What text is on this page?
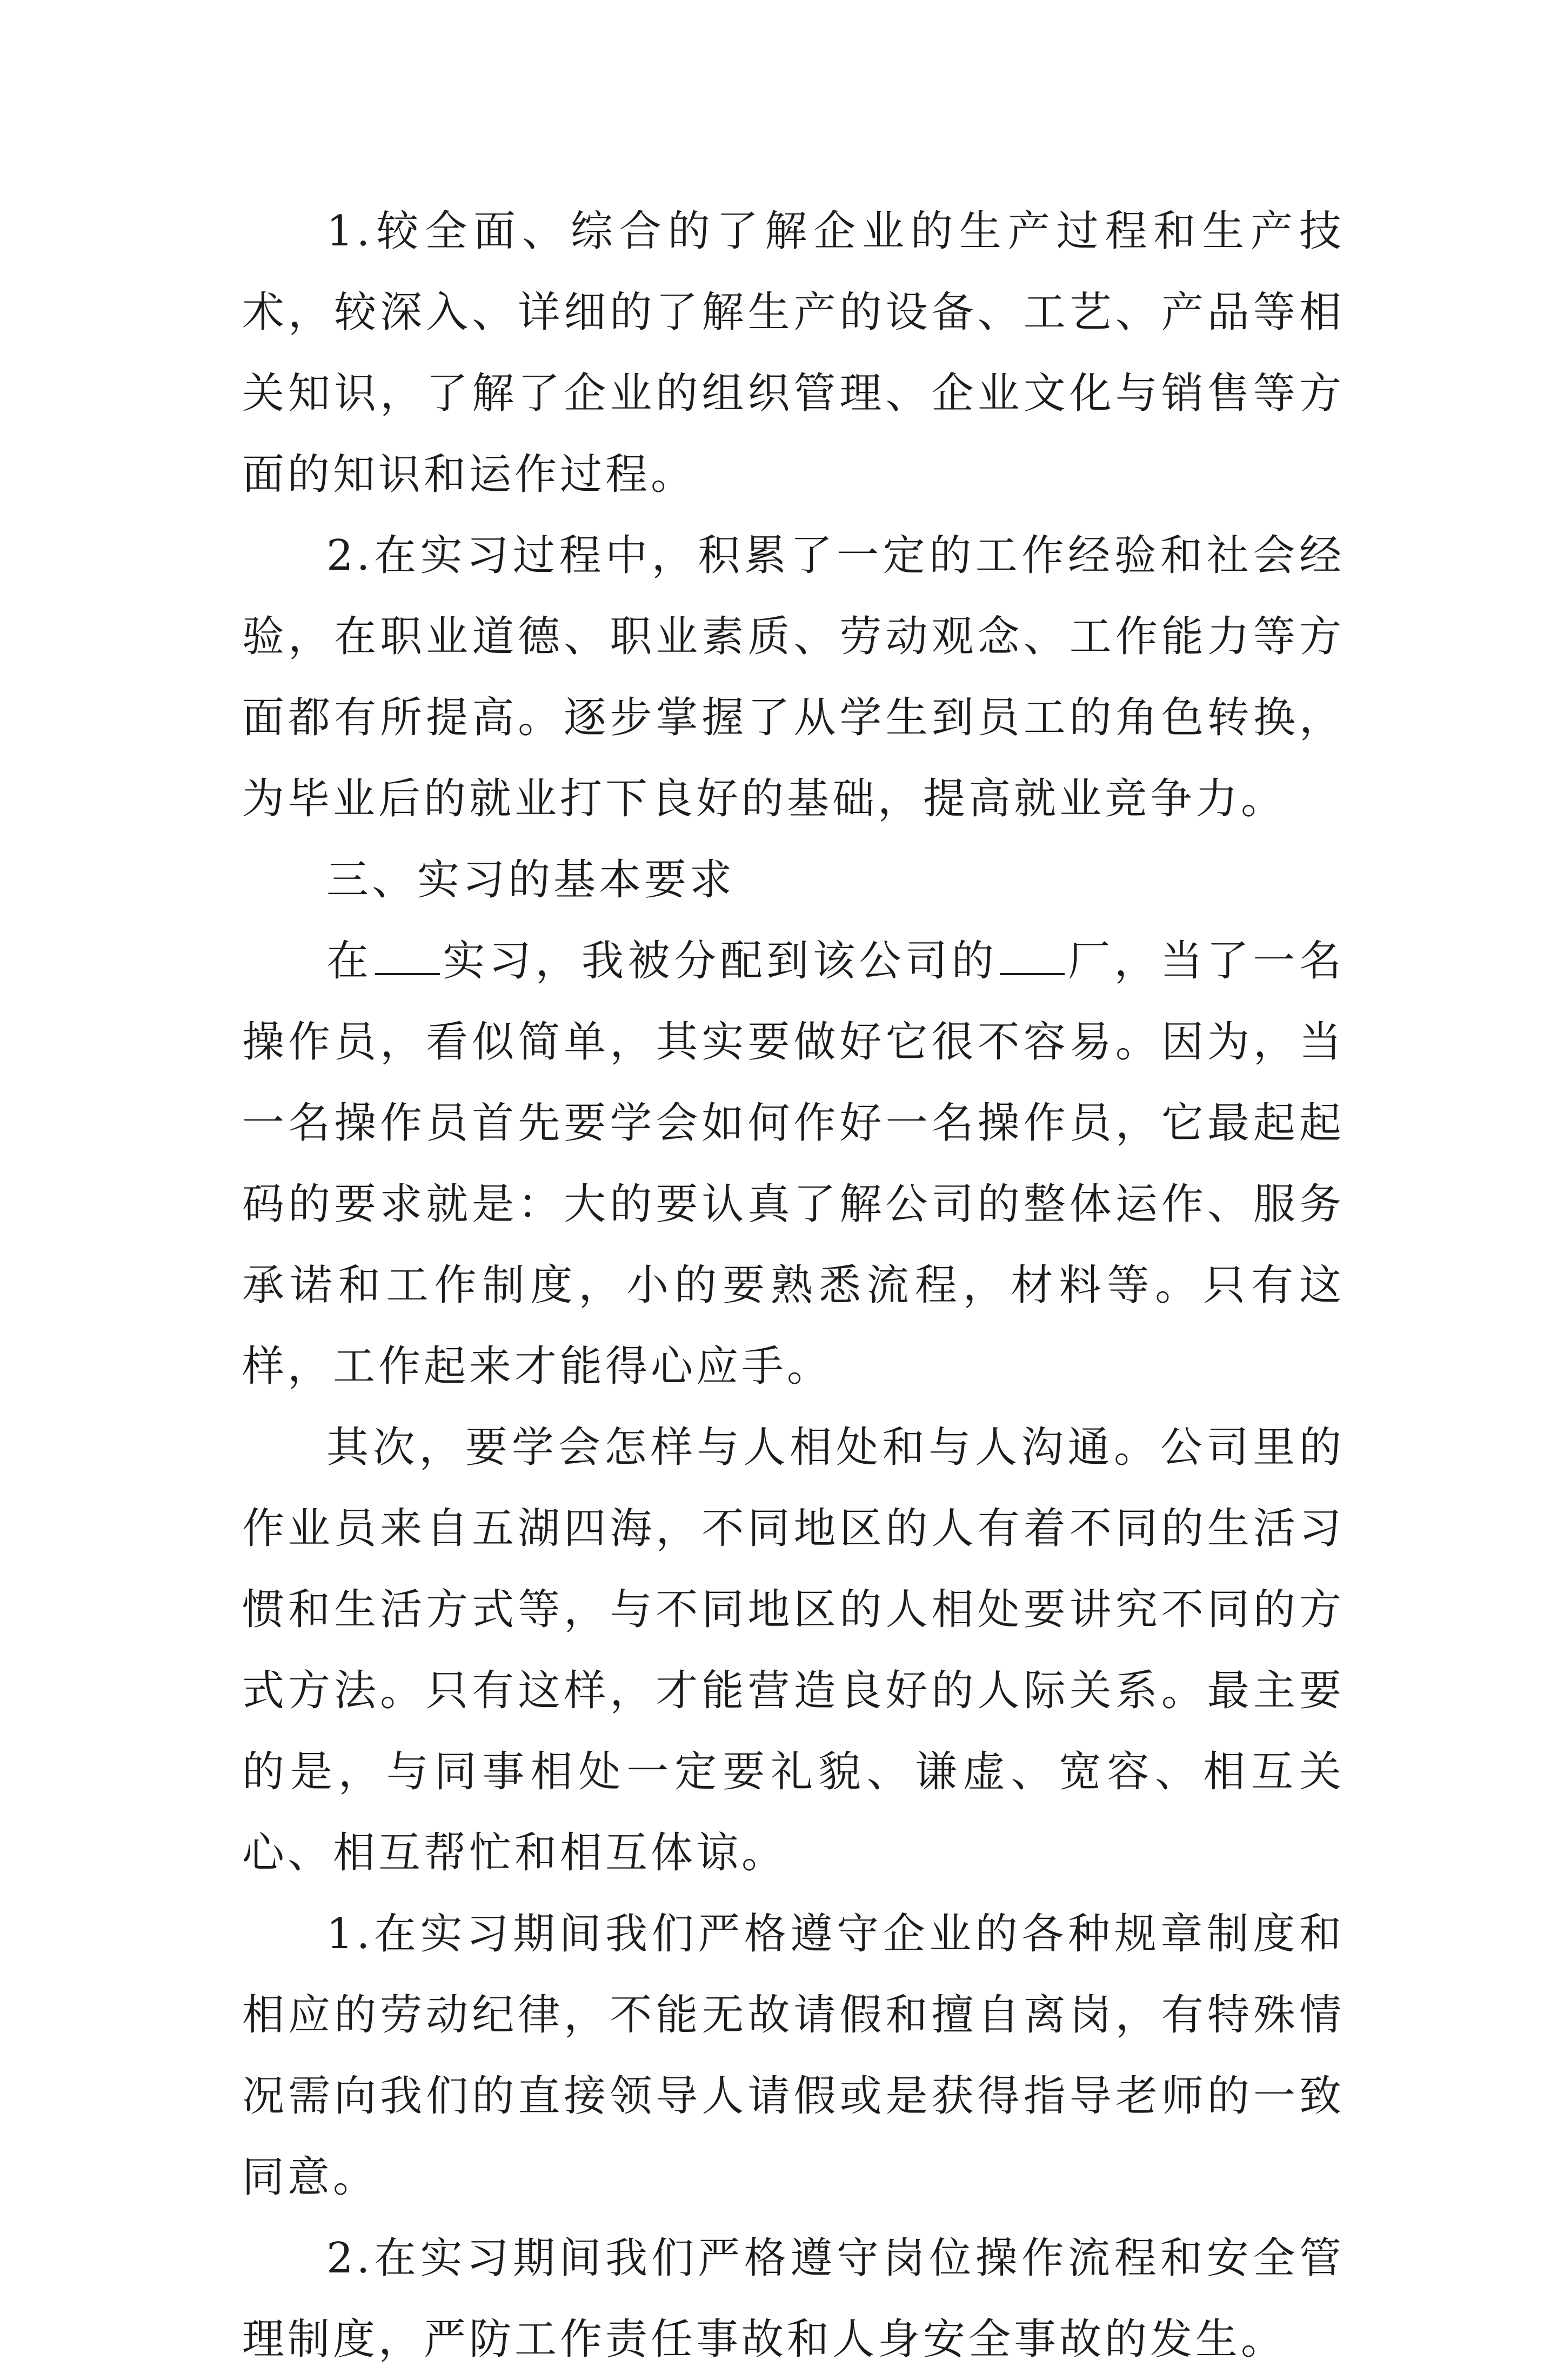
1.较全面、综合的了解企业的生产过程和生产技术，较深入、详细的了解生产的设备、工艺、产品等相关知识，了解了企业的组织管理、企业文化与销售等方面的知识和运作过程。

2.在实习过程中，积累了一定的工作经验和社会经验，在职业道德、职业素质、劳动观念、工作能力等方面都有所提高。逐步掌握了从学生到员工的角色转换，为毕业后的就业打下良好的基础，提高就业竞争力。

三、实习的基本要求

在 实习，我被分配到该公司的 厂，当了一名操作员，看似简单，其实要做好它很不容易。因为，当一名操作员首先要学会如何作好一名操作员，它最起起码的要求就是：大的要认真了解公司的整体运作、服务承诺和工作制度，小的要熟悉流程，材料等。只有这样，工作起来才能得心应手。

其次，要学会怎样与人相处和与人沟通。公司里的作业员来自五湖四海，不同地区的人有着不同的生活习惯和生活方式等，与不同地区的人相处要讲究不同的方式方法。只有这样，才能营造良好的人际关系。最主要的是，与同事相处一定要礼貌、谦虚、宽容、相互关心、相互帮忙和相互体谅。

1.在实习期间我们严格遵守企业的各种规章制度和相应的劳动纪律，不能无故请假和擅自离岗，有特殊情况需向我们的直接领导人请假或是获得指导老师的一致同意。

2.在实习期间我们严格遵守岗位操作流程和安全管理制度，严防工作责任事故和人身安全事故的发生。
